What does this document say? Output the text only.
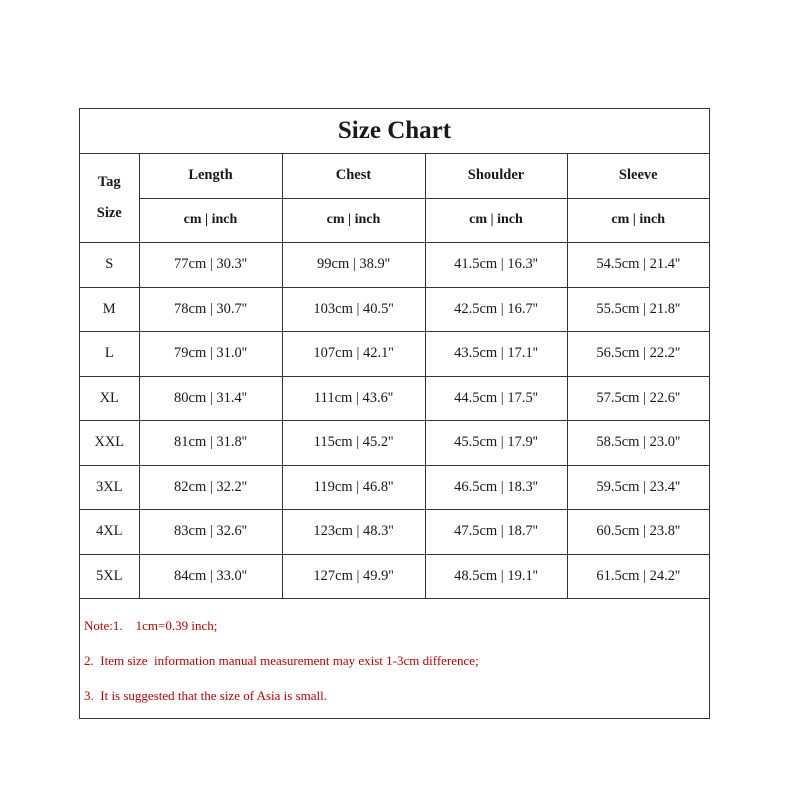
Size Chart
Tag
Size	Length	Chest	Shoulder	Sleeve
	cm | inch	cm | inch	cm | inch	cm | inch
S	77cm | 30.3''	99cm | 38.9''	41.5cm | 16.3''	54.5cm | 21.4''
M	78cm | 30.7''	103cm | 40.5''	42.5cm | 16.7''	55.5cm | 21.8''
L	79cm | 31.0''	107cm | 42.1''	43.5cm | 17.1''	56.5cm | 22.2''
XL	80cm | 31.4''	111cm | 43.6''	44.5cm | 17.5''	57.5cm | 22.6''
XXL	81cm | 31.8''	115cm | 45.2''	45.5cm | 17.9''	58.5cm | 23.0''
3XL	82cm | 32.2''	119cm | 46.8''	46.5cm | 18.3''	59.5cm | 23.4''
4XL	83cm | 32.6''	123cm | 48.3''	47.5cm | 18.7''	60.5cm | 23.8''
5XL	84cm | 33.0''	127cm | 49.9''	48.5cm | 19.1''	61.5cm | 24.2''
Note:1.    1cm=0.39 inch;
2.  Item size  information manual measurement may exist 1-3cm difference;
3.  It is suggested that the size of Asia is small.
